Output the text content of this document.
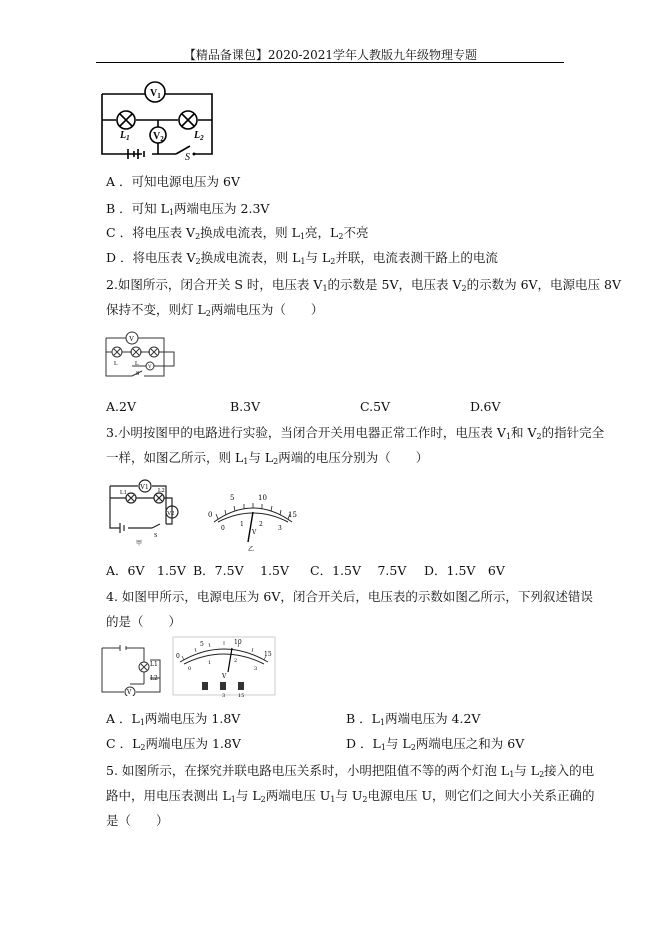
【精品备课包】2020-2021学年人教版九年级物理专题
$V_1$
$V_2$
$L_1$	$L_2$
S
A ．可知电源电压为 6V
B ．可知 $L_1$两端电压为 2.3V
C ．将电压表 $V_2$换成电流表，则 $L_1$亮，$L_2$不亮
D ．将电压表 $V_2$换成电流表，则 $L_1$与 $L_2$并联，电流表测干路上的电流
2.如图所示，闭合开关 S 时，电压表 $V_1$的示数是 5V，电压表 $V_2$的示数为 6V，电源电压 8V
保持不变，则灯 $L_2$两端电压为（　　）
V
L	L
V
S
A.2V	B.3V	C.5V	D.6V
3.小明按图甲的电路进行实验，当闭合开关用电器正常工作时，电压表 $V_1$和 $V_2$的指针完全
一样，如图乙所示，则 $L_1$与 $L_2$两端的电压分别为（　　）
V1
L1	L2
V2
S
甲
0
5	10
15
0
1	2
3
V
乙
A．6V　1.5V B．7.5V　 1.5V C．1.5V　 7.5V D．1.5V　6V
4. 如图甲所示，电源电压为 6V，闭合开关后，电压表的示数如图乙所示，下列叙述错误
的是（　　）
L1
L2
V
0
5	10
15
0
1	2
3
V
3	15
A ．$L_1$两端电压为 1.8V	B ．$L_1$两端电压为 4.2V
C ．$L_2$两端电压为 1.8V	D ．$L_1$与 $L_2$两端电压之和为 6V
5. 如图所示，在探究并联电路电压关系时，小明把阻值不等的两个灯泡 $L_1$与 $L_2$接入的电
路中，用电压表测出 $L_1$与 $L_2$两端电压 $U_1$与 $U_2$电源电压 U，则它们之间大小关系正确的
是（　　）
